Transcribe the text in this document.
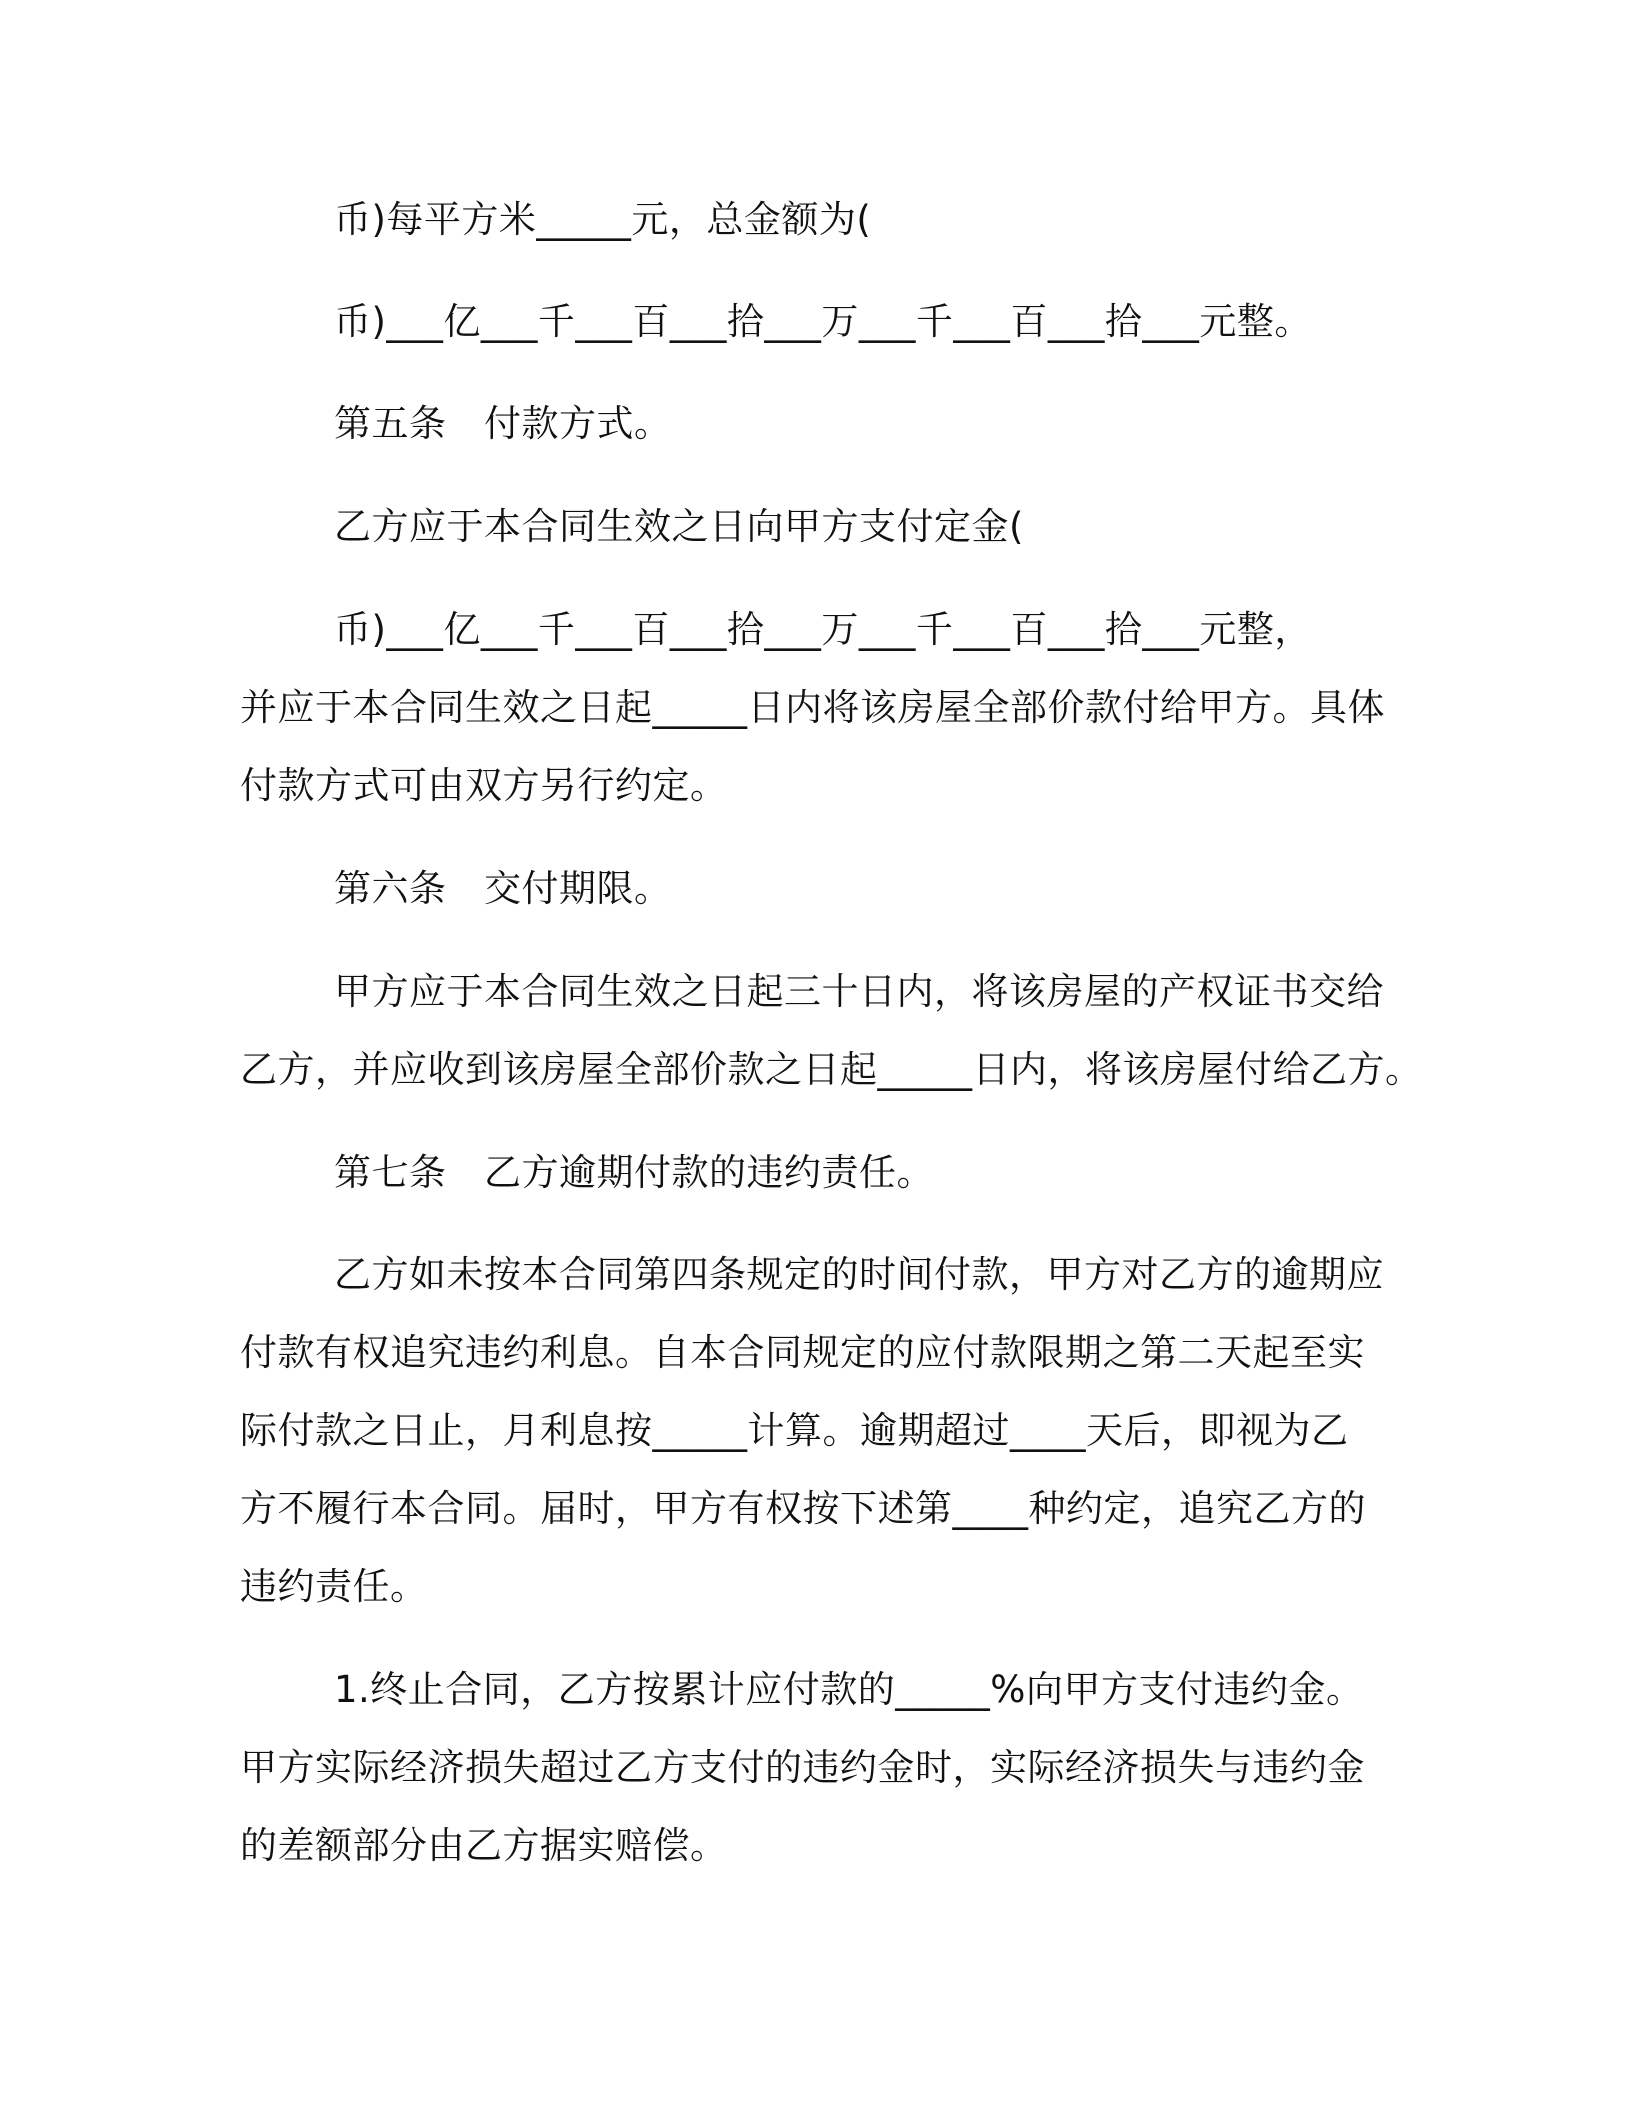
币)每平方米_____元，总金额为(
币)___亿___千___百___拾___万___千___百___拾___元整。
第五条　付款方式。
乙方应于本合同生效之日向甲方支付定金(
币)___亿___千___百___拾___万___千___百___拾___元整，
并应于本合同生效之日起_____日内将该房屋全部价款付给甲方。具体
付款方式可由双方另行约定。
第六条　交付期限。
甲方应于本合同生效之日起三十日内，将该房屋的产权证书交给
乙方，并应收到该房屋全部价款之日起_____日内，将该房屋付给乙方。
第七条　乙方逾期付款的违约责任。
乙方如未按本合同第四条规定的时间付款，甲方对乙方的逾期应
付款有权追究违约利息。自本合同规定的应付款限期之第二天起至实
际付款之日止，月利息按_____计算。逾期超过____天后，即视为乙
方不履行本合同。届时，甲方有权按下述第____种约定，追究乙方的
违约责任。
1.终止合同，乙方按累计应付款的_____%向甲方支付违约金。
甲方实际经济损失超过乙方支付的违约金时，实际经济损失与违约金
的差额部分由乙方据实赔偿。
